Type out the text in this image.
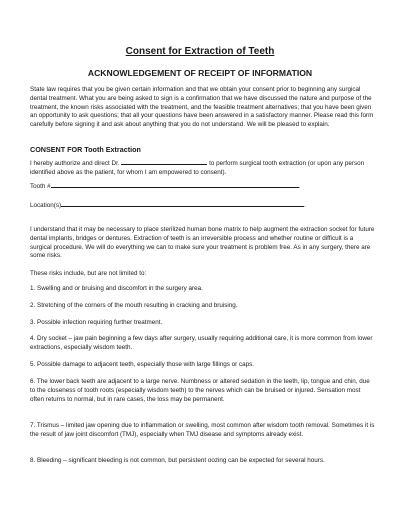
Consent for Extraction of Teeth
ACKNOWLEDGEMENT OF RECEIPT OF INFORMATION

State law requires that you be given certain information and that we obtain your consent prior to beginning any surgical dental treatment. What you are being asked to sign is a confirmation that we have discussed the nature and purpose of the treatment, the known risks associated with the treatment, and the feasible treatment alternatives; that you have been given an opportunity to ask questions; that all your questions have been answered in a satisfactory manner. Please read this form carefully before signing it and ask about anything that you do not understand. We will be pleased to explain.

CONSENT FOR Tooth Extraction

I hereby authorize and direct Dr.	to perform surgical tooth extraction (or upon any person identified above as the patient, for whom I am empowered to consent).

Tooth #	.
Location(s)	.

I understand that it may be necessary to place sterilized human bone matrix to help augment the extraction socket for future dental implants, bridges or dentures. Extraction of teeth is an irreversible process and whether routine or difficult is a surgical procedure. We will do everything we can to make sure your treatment is problem free. As in any surgery, there are some risks.

These risks include, but are not limited to:

1. Swelling and or bruising and discomfort in the surgery area.

2. Stretching of the corners of the mouth resulting in cracking and bruising.

3. Possible infection requiring further treatment.

4. Dry socket – jaw pain beginning a few days after surgery, usually requiring additional care, it is more common from lower extractions, especially wisdom teeth.

5. Possible damage to adjacent teeth, especially those with large fillings or caps.

6. The lower back teeth are adjacent to a large nerve. Numbness or altered sedation in the teeth, lip, tongue and chin, due to the closeness of tooth roots (especially wisdom teeth) to the nerves which can be bruised or injured. Sensation most often returns to normal, but in rare cases, the loss may be permanent.

7. Trismus – limited jaw opening due to inflammation or swelling, most common after wisdom tooth removal. Sometimes it is the result of jaw joint discomfort (TMJ), especially when TMJ disease and symptoms already exist.

8. Bleeding – significant bleeding is not common, but persistent oozing can be expected for several hours.
